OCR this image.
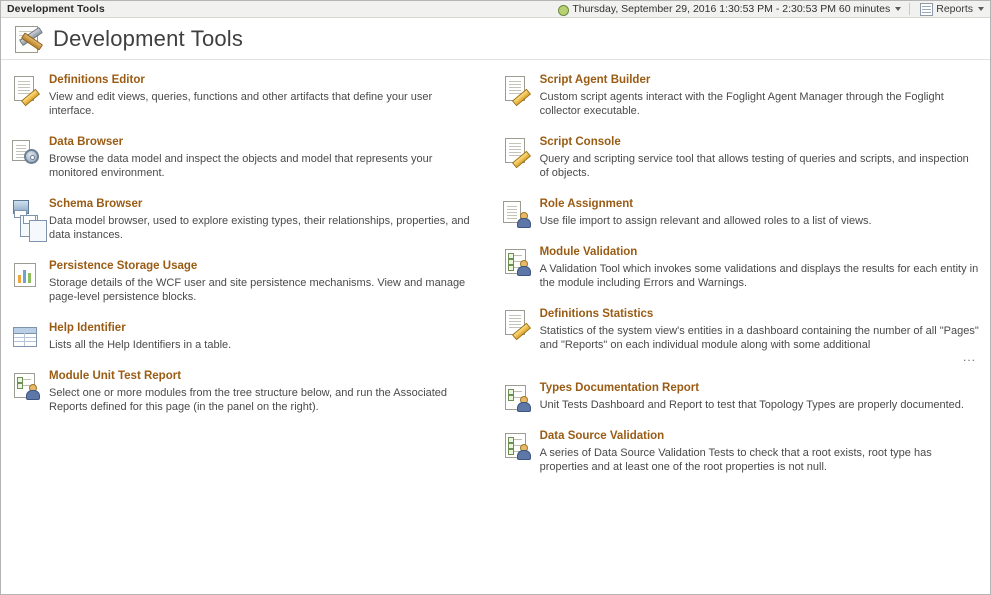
Development Tools	Thursday, September 29, 2016 1:30:53 PM - 2:30:53 PM 60 minutes	Reports
Development Tools
Definitions Editor
View and edit views, queries, functions and other artifacts that define your user interface.
Data Browser
Browse the data model and inspect the objects and model that represents your monitored environment.
Schema Browser
Data model browser, used to explore existing types, their relationships, properties, and data instances.
Persistence Storage Usage
Storage details of the WCF user and site persistence mechanisms. View and manage page-level persistence blocks.
Help Identifier
Lists all the Help Identifiers in a table.
Module Unit Test Report
Select one or more modules from the tree structure below, and run the Associated Reports defined for this page (in the panel on the right).
Script Agent Builder
Custom script agents interact with the Foglight Agent Manager through the Foglight collector executable.
Script Console
Query and scripting service tool that allows testing of queries and scripts, and inspection of objects.
Role Assignment
Use file import to assign relevant and allowed roles to a list of views.
Module Validation
A Validation Tool which invokes some validations and displays the results for each entity in the module including Errors and Warnings.
Definitions Statistics
Statistics of the system view's entities in a dashboard containing the number of all "Pages" and "Reports" on each individual module along with some additional
...
Types Documentation Report
Unit Tests Dashboard and Report to test that Topology Types are properly documented.
Data Source Validation
A series of Data Source Validation Tests to check that a root exists, root type has properties and at least one of the root properties is not null.
